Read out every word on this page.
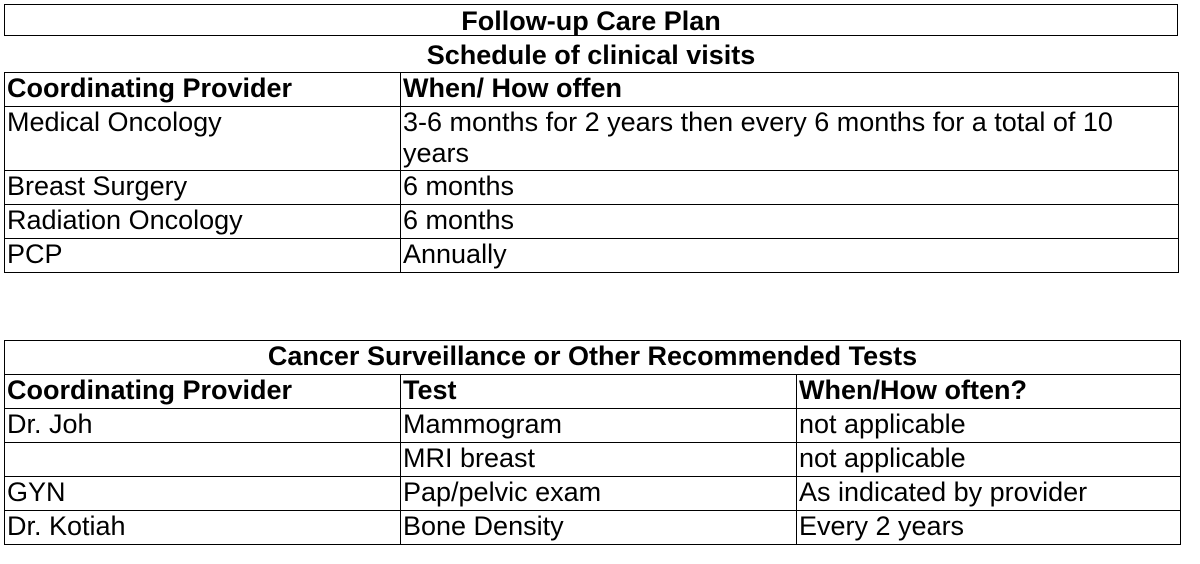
Follow-up Care Plan
Schedule of clinical visits
Coordinating Provider	When/ How offen
Medical Oncology	3-6 months for 2 years then every 6 months for a total of 10 years
Breast Surgery	6 months
Radiation Oncology	6 months
PCP	Annually
Cancer Surveillance or Other Recommended Tests		
Coordinating Provider	Test	When/How often?
Dr. Joh	Mammogram	not applicable
	MRI breast	not applicable
GYN	Pap/pelvic exam	As indicated by provider
Dr. Kotiah	Bone Density	Every 2 years
